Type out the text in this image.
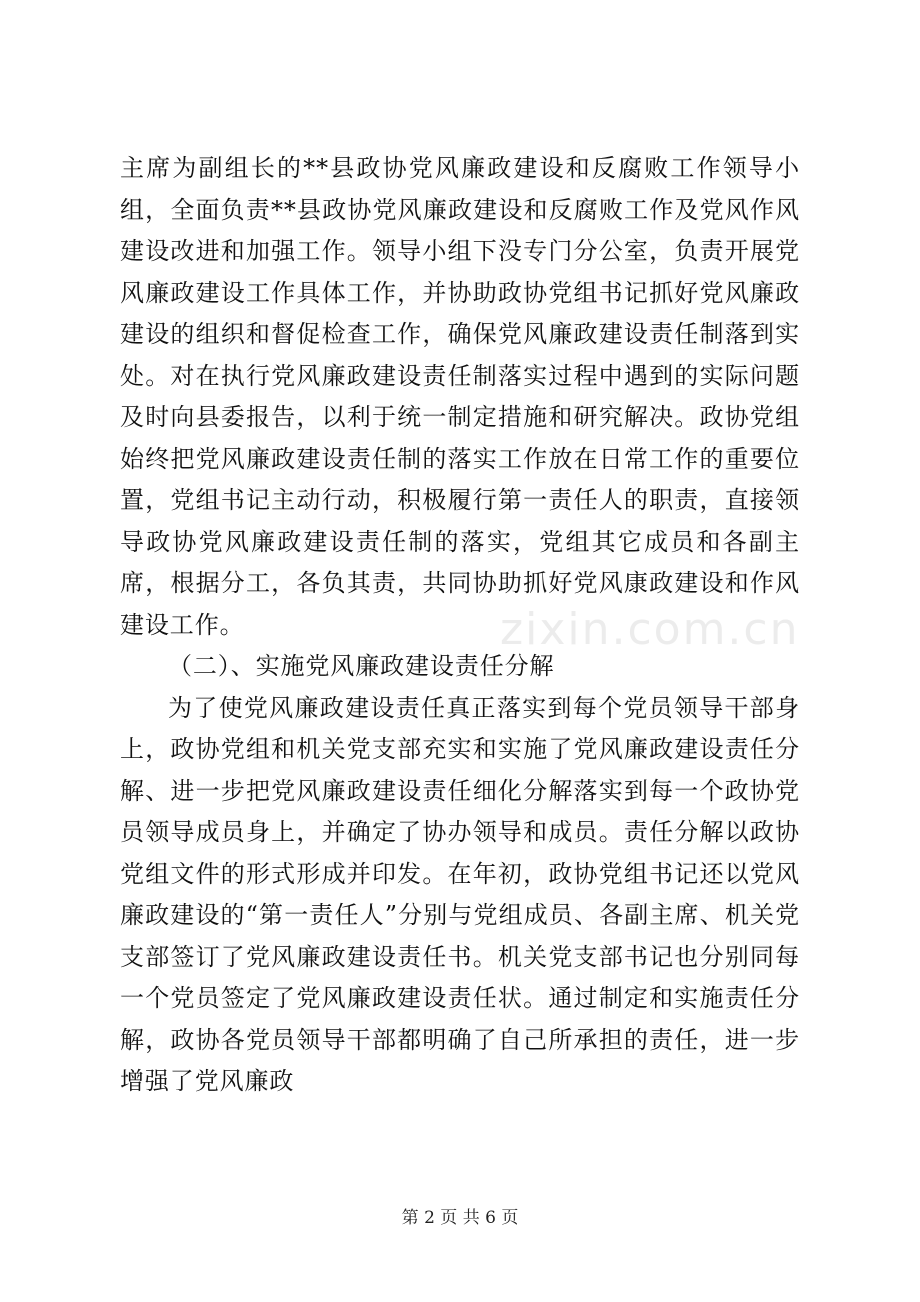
zixin.com.cn

主席为副组长的**县政协党风廉政建设和反腐败工作领导小组，全面负责**县政协党风廉政建设和反腐败工作及党风作风建设改进和加强工作。领导小组下没专门分公室，负责开展党风廉政建设工作具体工作，并协助政协党组书记抓好党风廉政建设的组织和督促检查工作，确保党风廉政建设责任制落到实处。对在执行党风廉政建设责任制落实过程中遇到的实际问题及时向县委报告，以利于统一制定措施和研究解决。政协党组始终把党风廉政建设责任制的落实工作放在日常工作的重要位置，党组书记主动行动，积极履行第一责任人的职责，直接领导政协党风廉政建设责任制的落实，党组其它成员和各副主席，根据分工，各负其责，共同协助抓好党风康政建设和作风建设工作。

（二）、实施党风廉政建设责任分解

为了使党风廉政建设责任真正落实到每个党员领导干部身上，政协党组和机关党支部充实和实施了党风廉政建设责任分解、进一步把党风廉政建设责任细化分解落实到每一个政协党员领导成员身上，并确定了协办领导和成员。责任分解以政协党组文件的形式形成并印发。在年初，政协党组书记还以党风廉政建设的“第一责任人”分别与党组成员、各副主席、机关党支部签订了党风廉政建设责任书。机关党支部书记也分别同每一个党员签定了党风廉政建设责任状。通过制定和实施责任分解，政协各党员领导干部都明确了自己所承担的责任，进一步增强了党风廉政

第 2 页 共 6 页
